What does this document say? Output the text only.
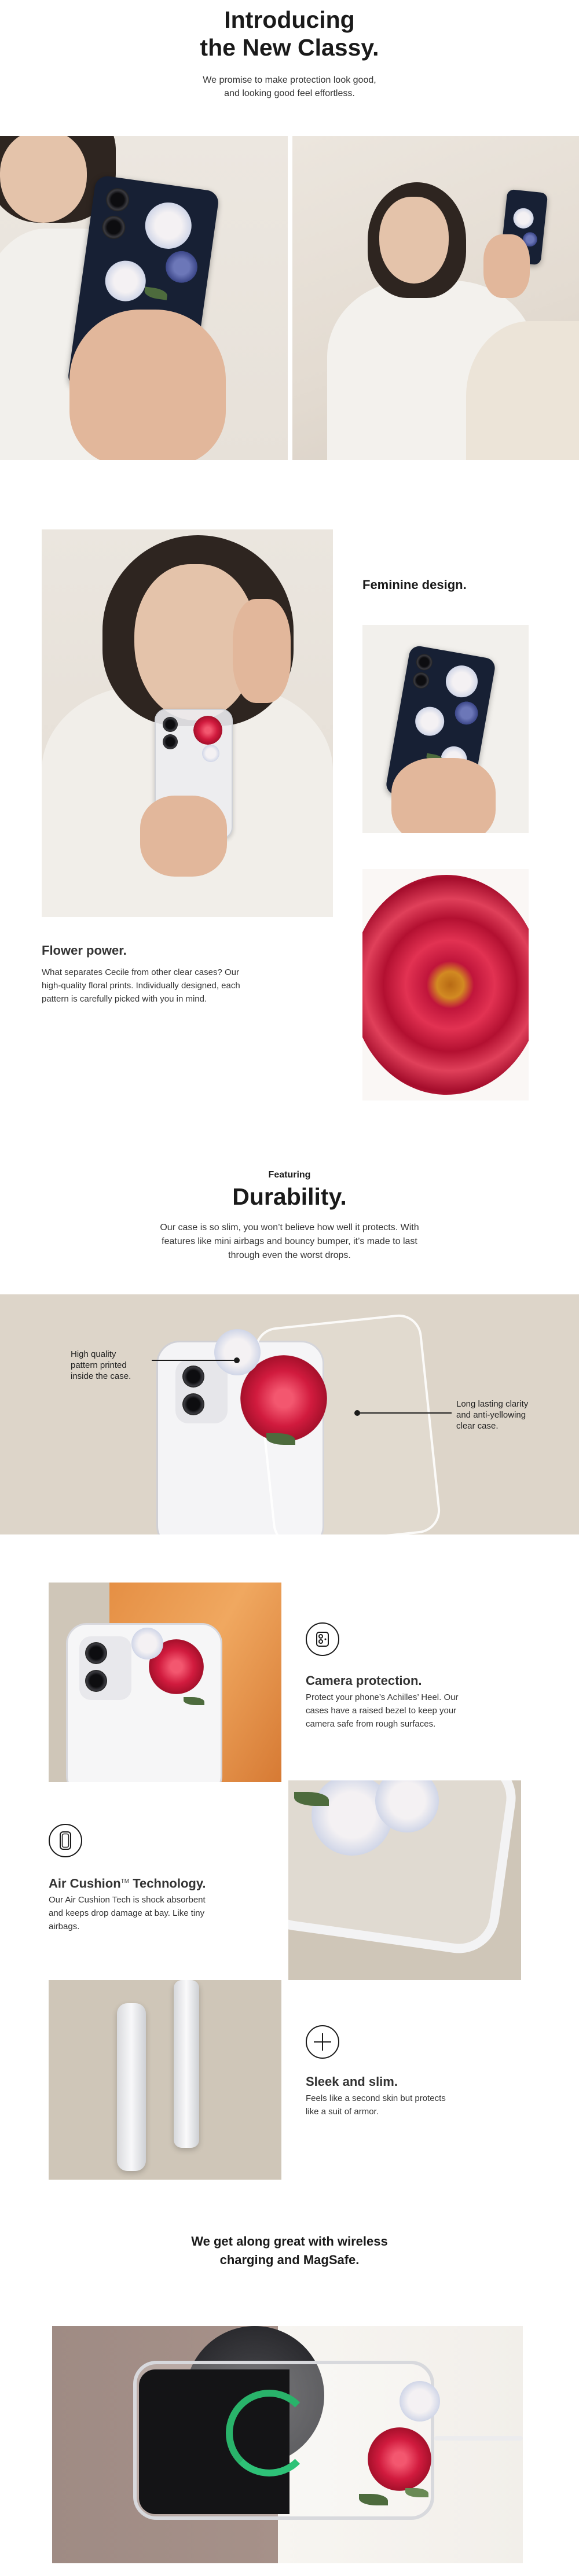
Introducing
the New Classy.
We promise to make protection look good,
and looking good feel effortless.
Feminine design.
Flower power.
What separates Cecile from other clear cases? Our
high-quality floral prints. Individually designed, each
pattern is carefully picked with you in mind.
Featuring
Durability.
Our case is so slim, you won’t believe how well it protects. With
features like mini airbags and bouncy bumper, it’s made to last
through even the worst drops.
High quality
pattern printed
inside the case.
Long lasting clarity
and anti-yellowing
clear case.
Camera protection.
Protect your phone’s Achilles’ Heel. Our
cases have a raised bezel to keep your
camera safe from rough surfaces.
Air Cushion™ Technology.
Our Air Cushion Tech is shock absorbent
and keeps drop damage at bay. Like tiny
airbags.
Sleek and slim.
Feels like a second skin but protects
like a suit of armor.
We get along great with wireless
charging and MagSafe.
